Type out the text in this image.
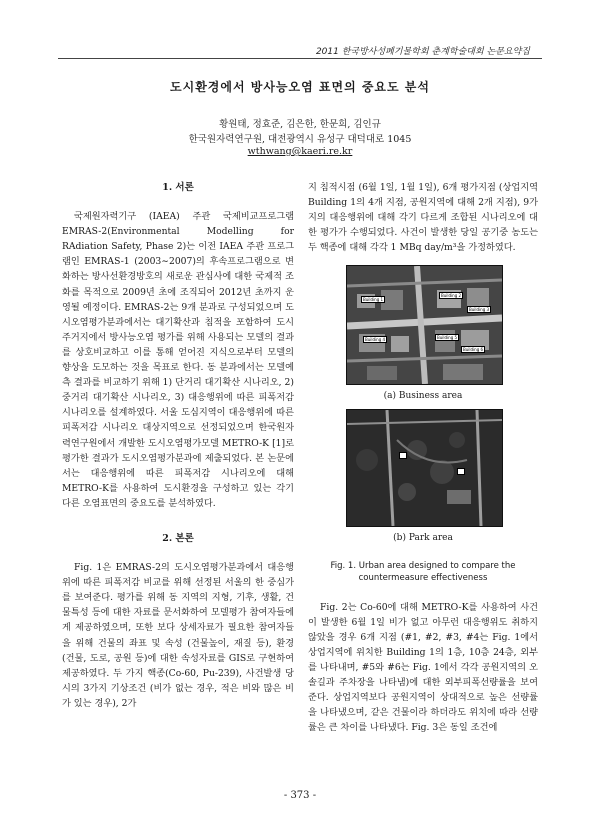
2011 한국방사성폐기물학회 춘계학술대회 논문요약집
도시환경에서 방사능오염 표면의 중요도 분석
황원태, 정효준, 김은한, 한문희, 김인규
한국원자력연구원, 대전광역시 유성구 대덕대로 1045
wthwang@kaeri.re.kr
1. 서론

국제원자력기구 (IAEA) 주관 국제비교프로그램 EMRAS-2(Environmental Modelling for RAdiation Safety, Phase 2)는 이전 IAEA 주관 프로그램인 EMRAS-1 (2003∼2007)의 후속프로그램으로 변화하는 방사선환경방호의 새로운 관심사에 대한 국제적 조화를 목적으로 2009년 초에 조직되어 2012년 초까지 운영될 예정이다. EMRAS-2는 9개 분과로 구성되었으며 도시오염평가분과에서는 대기확산과 침적을 포함하여 도시 주거지에서 방사능오염 평가를 위해 사용되는 모델의 결과를 상호비교하고 이를 통해 얻어진 지식으로부터 모델의 향상을 도모하는 것을 목표로 한다. 동 분과에서는 모델예측 결과를 비교하기 위해 1) 단거리 대기확산 시나리오, 2) 중거리 대기확산 시나리오, 3) 대응행위에 따른 피폭저감 시나리오를 설계하였다. 서울 도심지역이 대응행위에 따른 피폭저감 시나리오 대상지역으로 선정되었으며 한국원자력연구원에서 개발한 도시오염평가모델 METRO-K [1]로 평가한 결과가 도시오염평가분과에 제출되었다. 본 논문에서는 대응행위에 따른 피폭저감 시나리오에 대해 METRO-K를 사용하여 도시환경을 구성하고 있는 각기 다른 오염표면의 중요도를 분석하였다.

2. 본론

Fig. 1은 EMRAS-2의 도시오염평가분과에서 대응행위에 따른 피폭저감 비교를 위해 선정된 서울의 한 중심가를 보여준다. 평가를 위해 동 지역의 지형, 기후, 생활, 건물특성 등에 대한 자료를 문서화하여 모델평가 참여자들에게 제공하였으며, 또한 보다 상세자료가 필요한 참여자들을 위해 건물의 좌표 및 속성 (건물높이, 재질 등), 환경 (건물, 도로, 공원 등)에 대한 속성자료를 GIS로 구현하여 제공하였다. 두 가지 핵종(Co-60, Pu-239), 사건발생 당시의 3가지 기상조건 (비가 없는 경우, 적은 비와 많은 비가 있는 경우), 2가

지 침적시점 (6월 1일, 1월 1일), 6개 평가지점 (상업지역 Building 1의 4개 지점, 공원지역에 대해 2개 지점), 9가지의 대응행위에 대해 각기 다르게 조합된 시나리오에 대한 평가가 수행되었다. 사건이 발생한 당일 공기중 농도는 두 핵종에 대해 각각 1 MBq day/m³을 가정하였다.

Building 1
Building 2
Building 3
Building 4	Building 5
Building 6
(a) Business area
(b) Park area
Fig. 1. Urban area designed to compare the
countermeasure effectiveness

Fig. 2는 Co-60에 대해 METRO-K를 사용하여 사건이 발생한 6월 1일 비가 없고 아무런 대응행위도 취하지 않았을 경우 6개 지점 (#1, #2, #3, #4는 Fig. 1에서 상업지역에 위치한 Building 1의 1층, 10층 24층, 외부를 나타내며, #5와 #6는 Fig. 1에서 각각 공원지역의 오솔길과 주차장을 나타냄)에 대한 외부피폭선량률을 보여준다. 상업지역보다 공원지역이 상대적으로 높은 선량률을 나타냈으며, 같은 건물이라 하더라도 위치에 따라 선량률은 큰 차이를 나타냈다. Fig. 3은 동일 조건에

- 373 -
